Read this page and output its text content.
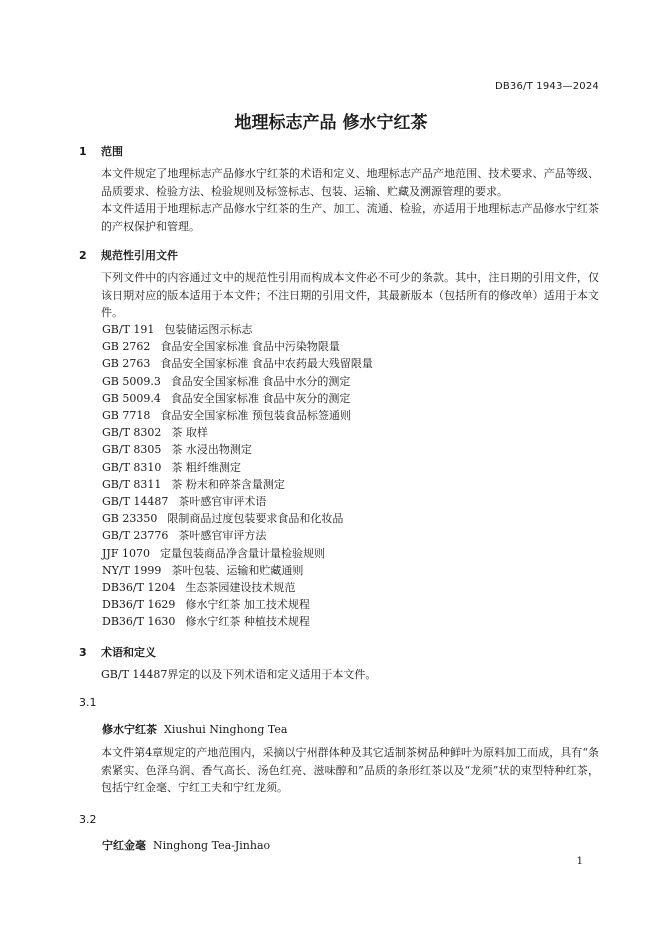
DB36/T 1943—2024
地理标志产品 修水宁红茶
1 范围
本文件规定了地理标志产品修水宁红茶的术语和定义、地理标志产品产地范围、技术要求、产品等级、品质要求、检验方法、检验规则及标签标志、包装、运输、贮藏及溯源管理的要求。
本文件适用于地理标志产品修水宁红茶的生产、加工、流通、检验，亦适用于地理标志产品修水宁红茶的产权保护和管理。
2 规范性引用文件
下列文件中的内容通过文中的规范性引用而构成本文件必不可少的条款。其中，注日期的引用文件，仅该日期对应的版本适用于本文件；不注日期的引用文件，其最新版本（包括所有的修改单）适用于本文件。
GB/T 191 包装储运图示标志
GB 2762 食品安全国家标准 食品中污染物限量
GB 2763 食品安全国家标准 食品中农药最大残留限量
GB 5009.3 食品安全国家标准 食品中水分的测定
GB 5009.4 食品安全国家标准 食品中灰分的测定
GB 7718 食品安全国家标准 预包装食品标签通则
GB/T 8302 茶 取样
GB/T 8305 茶 水浸出物测定
GB/T 8310 茶 粗纤维测定
GB/T 8311 茶 粉末和碎茶含量测定
GB/T 14487 茶叶感官审评术语
GB 23350 限制商品过度包装要求食品和化妆品
GB/T 23776 茶叶感官审评方法
JJF 1070 定量包装商品净含量计量检验规则
NY/T 1999 茶叶包装、运输和贮藏通则
DB36/T 1204 生态茶园建设技术规范
DB36/T 1629 修水宁红茶 加工技术规程
DB36/T 1630 修水宁红茶 种植技术规程
3 术语和定义
GB/T 14487界定的以及下列术语和定义适用于本文件。
3.1
修水宁红茶 Xiushui Ninghong Tea
本文件第4章规定的产地范围内，采摘以宁州群体种及其它适制茶树品种鲜叶为原料加工而成，具有“条索紧实、色泽乌润、香气高长、汤色红亮、滋味醇和”品质的条形红茶以及“龙须”状的束型特种红茶，包括宁红金毫、宁红工夫和宁红龙须。
3.2
宁红金毫 Ninghong Tea-Jinhao
1
